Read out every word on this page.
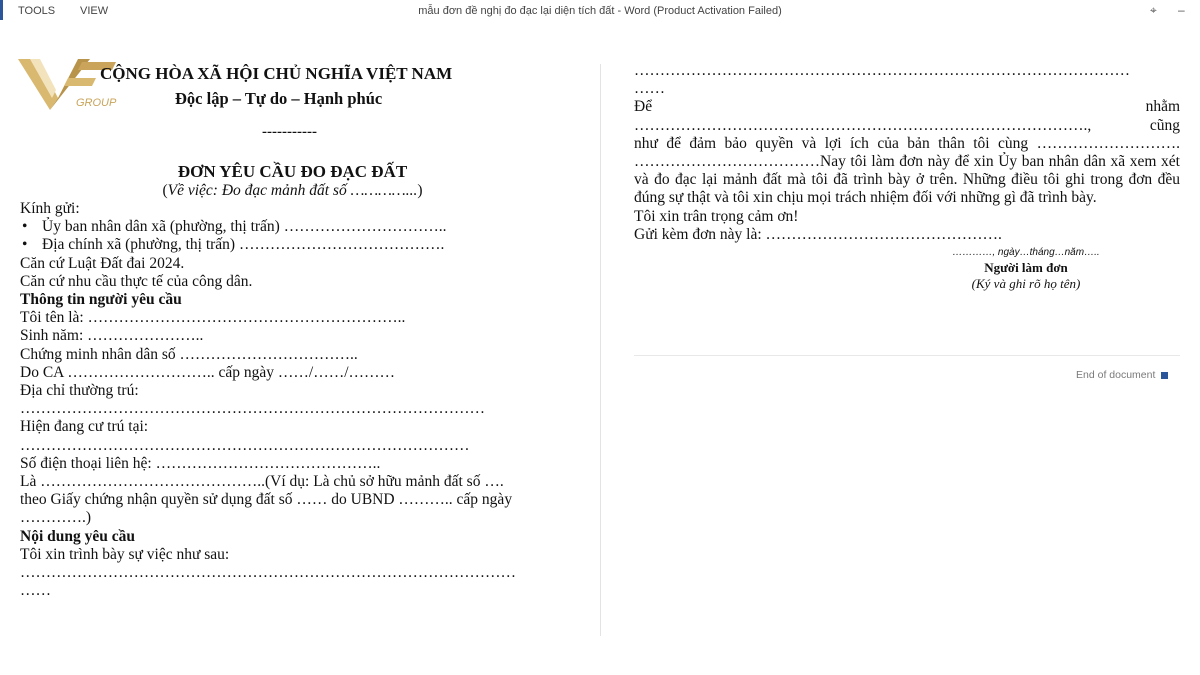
TOOLS VIEW	mẫu đơn đề nghị đo đạc lại diện tích đất - Word (Product Activation Failed)	⌖ –
GROUP
CỘNG HÒA XÃ HỘI CHỦ NGHĨA VIỆT NAM
Độc lập – Tự do – Hạnh phúc
-----------
ĐƠN YÊU CẦU ĐO ĐẠC ĐẤT
(Về việc: Đo đạc mảnh đất số …………...)
Kính gửi:
• Ủy ban nhân dân xã (phường, thị trấn) …………………………..
• Địa chính xã (phường, thị trấn) ………………………………….
Căn cứ Luật Đất đai 2024.
Căn cứ nhu cầu thực tế của công dân.
Thông tin người yêu cầu
Tôi tên là: ……………………………………………………..
Sinh năm: …………………..
Chứng minh nhân dân số ……………………………..
Do CA ……………………….. cấp ngày ……/……/………
Địa chỉ thường trú:
………………………………………………………………………………
Hiện đang cư trú tại:
……………………………………………………………………………
Số điện thoại liên hệ: ……………………………………..
Là ……………………………………..(Ví dụ: Là chủ sở hữu mảnh đất số ….
theo Giấy chứng nhận quyền sử dụng đất số …… do UBND ……….. cấp ngày
………….)
Nội dung yêu cầu
Tôi xin trình bày sự việc như sau:
……………………………………………………………………………………
……
……………………………………………………………………………………
……
Để	nhằm
…………………………………………………………………………….,	cũng
như để đảm bảo quyền và lợi ích của bản thân tôi cùng ………………………. ………………………………Nay tôi làm đơn này để xin Ủy ban nhân dân xã xem xét và đo đạc lại mảnh đất mà tôi đã trình bày ở trên. Những điều tôi ghi trong đơn đều đúng sự thật và tôi xin chịu mọi trách nhiệm đối với những gì đã trình bày.
Tôi xin trân trọng cảm ơn!
Gửi kèm đơn này là: ……………………………………….
…………, ngày…tháng…năm…..
Người làm đơn
(Ký và ghi rõ họ tên)
End of document
